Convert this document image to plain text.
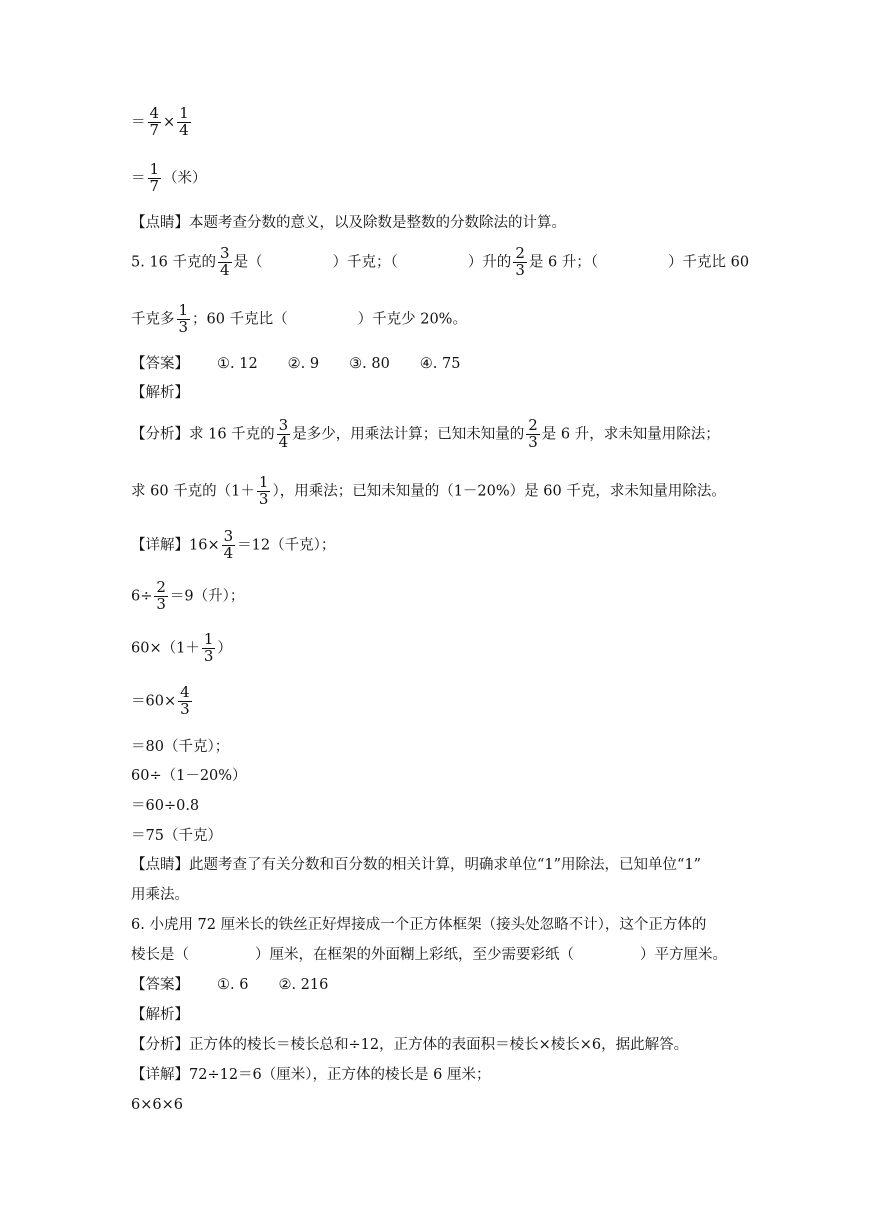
＝ $\frac{4}{7} \times \frac{1}{4}$
＝ $\frac{1}{7}$ （米）
【点睛】本题考查分数的意义，以及除数是整数的分数除法的计算。
5. 16 千克的 $\frac{3}{4}$ 是（	）千克；（	）升的 $\frac{2}{3}$ 是 6 升；（	）千克比 60
千克多 $\frac{1}{3}$ ；60 千克比（	）千克少 20%。
【答案】 ①. 12 ②. 9 ③. 80 ④. 75
【解析】
【分析】求 16 千克的 $\frac{3}{4}$ 是多少，用乘法计算；已知未知量的 $\frac{2}{3}$ 是 6 升，求未知量用除法；
求 60 千克的（$1+ \frac{1}{3}$ ），用乘法；已知未知量的（1－20%）是 60 千克，求未知量用除法。
【详解】$16\times \frac{3}{4} =12$（千克）；
$6\div \frac{2}{3} =9$（升）；
$60\times(1+ \frac{1}{3}$ ）
$=60\times \frac{4}{3}$
＝80（千克）；
60÷（1－20%）
＝60÷0.8
＝75（千克）
【点睛】此题考查了有关分数和百分数的相关计算，明确求单位“1”用除法，已知单位“1”
用乘法。
6. 小虎用 72 厘米长的铁丝正好焊接成一个正方体框架（接头处忽略不计），这个正方体的
棱长是（	）厘米，在框架的外面糊上彩纸，至少需要彩纸（	）平方厘米。
【答案】 ①. 6 ②. 216
【解析】
【分析】正方体的棱长＝棱长总和÷12，正方体的表面积＝棱长×棱长×6，据此解答。
【详解】72÷12＝6（厘米），正方体的棱长是 6 厘米；
6×6×6
